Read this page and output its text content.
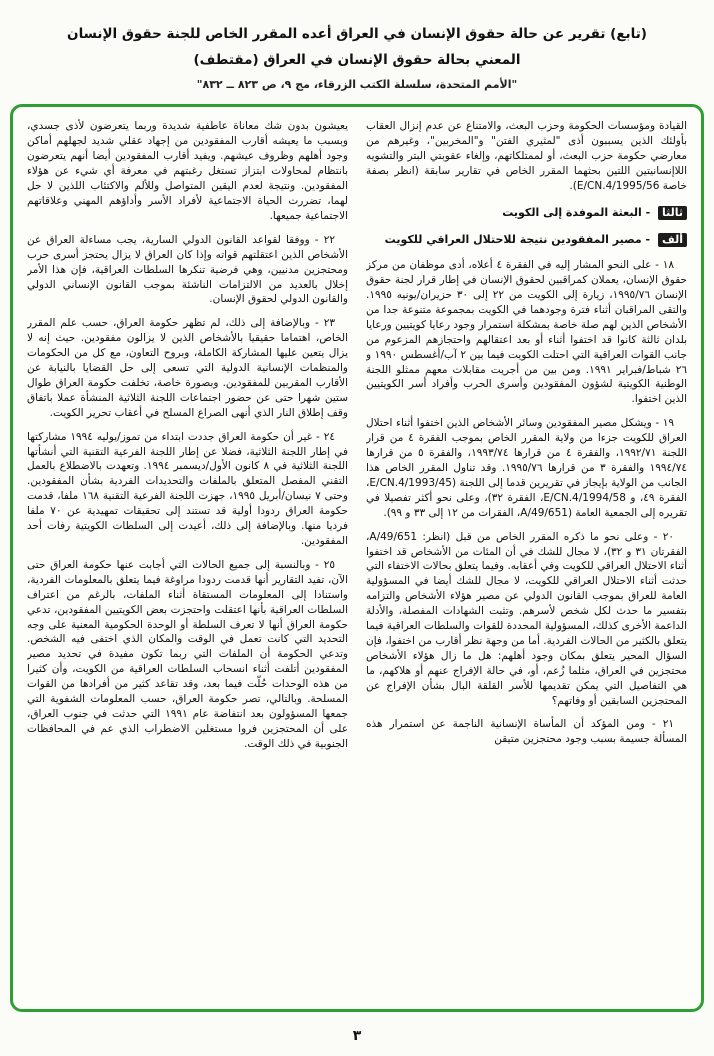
(تابع) تقرير عن حالة حقوق الإنسان في العراق أعده المقرر الخاص للجنة حقوق الإنسان
المعني بحالة حقوق الإنسان في العراق (مقتطف)
"الأمم المتحدة، سلسلة الكتب الزرقاء، مج ٩، ص ٨٢٣ ــ ٨٣٢"

القيادة ومؤسسات الحكومة وحزب البعث، والامتناع عن عدم إنزال العقاب بأولئك الذين يسببون أذى "لمثيري الفتن" و"المخربين"، وغيرهم من معارضي حكومة حزب البعث، أو لممتلكاتهم، وإلغاء عقوبتي البتر والتشويه اللاإنسانيتين اللتين بحثهما المقرر الخاص في تقارير سابقة (انظر بصفة خاصة E/CN.4/1995/56).

ثالثا - البعثة الموفدة إلى الكويت
ألف - مصير المفقودين نتيجة للاحتلال العراقي للكويت

١٨ - على النحو المشار إليه في الفقرة ٤ أعلاه، أدى موظفان من مركز حقوق الإنسان، يعملان كمراقبين لحقوق الإنسان في إطار قرار لجنة حقوق الإنسان ١٩٩٥/٧٦، زيارة إلى الكويت من ٢٢ إلى ٣٠ حزيران/يونيه ١٩٩٥. والتقى المراقبان أثناء فترة وجودهما في الكويت بمجموعة متنوعة جدا من الأشخاص الذين لهم صلة خاصة بمشكلة استمرار وجود رعايا كويتيين ورعايا بلدان ثالثة كانوا قد اختفوا أثناء أو بعد اعتقالهم واحتجازهم المزعوم من جانب القوات العراقية التي احتلت الكويت فيما بين ٢ آب/أغسطس ١٩٩٠ و ٢٦ شباط/فبراير ١٩٩١. ومن بين من أجريت مقابلات معهم ممثلو اللجنة الوطنية الكويتية لشؤون المفقودين وأسرى الحرب وأفراد أسر الكويتيين الذين اختفوا.

١٩ - ويشكل مصير المفقودين وسائر الأشخاص الذين اختفوا أثناء احتلال العراق للكويت جزءا من ولاية المقرر الخاص بموجب الفقرة ٤ من قرار اللجنة ١٩٩٢/٧١، والفقرة ٤ من قرارها ١٩٩٣/٧٤، والفقرة ٥ من قرارها ١٩٩٤/٧٤ والفقرة ٣ من قرارها ١٩٩٥/٧٦. وقد تناول المقرر الخاص هذا الجانب من الولاية بإيجاز في تقريرين قدما إلى اللجنة (E/CN.4/1993/45، الفقرة ٤٩، و E/CN.4/1994/58، الفقرة ٣٢)، وعلى نحو أكثر تفصيلا في تقريره إلى الجمعية العامة (A/49/651، الفقرات من ١٢ إلى ٣٣ و ٩٩).

٢٠ - وعلى نحو ما ذكره المقرر الخاص من قبل (انظر: A/49/651، الفقرتان ٣١ و ٣٢)، لا مجال للشك في أن المئات من الأشخاص قد اختفوا أثناء الاحتلال العراقي للكويت وفي أعقابه. وفيما يتعلق بحالات الاختفاء التي حدثت أثناء الاحتلال العراقي للكويت، لا مجال للشك أيضا في المسؤولية العامة للعراق بموجب القانون الدولي عن مصير هؤلاء الأشخاص والتزامه بتفسير ما حدث لكل شخص لأسرهم. وتثبت الشهادات المفصلة، والأدلة الداعمة الأخرى كذلك، المسؤولية المحددة للقوات والسلطات العراقية فيما يتعلق بالكثير من الحالات الفردية. أما من وجهة نظر أقارب من اختفوا، فإن السؤال المحير يتعلق بمكان وجود أهلهم: هل ما زال هؤلاء الأشخاص محتجزين في العراق، مثلما زُعم، أو، في حالة الإفراج عنهم أو هلاكهم، ما هي التفاصيل التي يمكن تقديمها للأسر القلقة البال بشأن الإفراج عن المحتجزين السابقين أو وفاتهم؟

٢١ - ومن المؤكد أن المأساة الإنسانية الناجمة عن استمرار هذه المسألة جسيمة بسبب وجود محتجزين متيقن

يعيشون بدون شك معاناة عاطفية شديدة وربما يتعرضون لأذى جسدي، وبسبب ما يعيشه أقارب المفقودين من إجهاد عقلي شديد لجهلهم أماكن وجود أهلهم وظروف عيشهم. ويفيد أقارب المفقودين أيضا أنهم يتعرضون بانتظام لمحاولات ابتزاز تستغل رغبتهم في معرفة أي شيء عن هؤلاء المفقودين. ونتيجة لعدم اليقين المتواصل وللألم والاكتئاب اللذين لا حل لهما، تضررت الحياة الاجتماعية لأفراد الأسر وأداؤهم المهني وعلاقاتهم الاجتماعية جميعها.

٢٢ - ووفقا لقواعد القانون الدولي السارية، يجب مساءلة العراق عن الأشخاص الذين اعتقلتهم قواته وإذا كان العراق لا يزال يحتجز أسرى حرب ومحتجزين مدنيين، وهي فرضية تنكرها السلطات العراقية، فإن هذا الأمر إخلال بالعديد من الالتزامات الناشئة بموجب القانون الإنساني الدولي والقانون الدولي لحقوق الإنسان.

٢٣ - وبالإضافة إلى ذلك، لم تظهر حكومة العراق، حسب علم المقرر الخاص، اهتماما حقيقيا بالأشخاص الذين لا يزالون مفقودين. حيث إنه لا يزال يتعين عليها المشاركة الكاملة، وبروح التعاون، مع كل من الحكومات والمنظمات الإنسانية الدولية التي تسعى إلى حل القضايا بالنيابة عن الأقارب المقربين للمفقودين. وبصورة خاصة، تخلفت حكومة العراق طوال ستين شهرا حتى عن حضور اجتماعات اللجنة الثلاثية المنشأة عملا باتفاق وقف إطلاق النار الذي أنهى الصراع المسلح في أعقاب تحرير الكويت.

٢٤ - غير أن حكومة العراق جددت ابتداء من تموز/يوليه ١٩٩٤ مشاركتها في إطار اللجنة الثلاثية، فضلا عن إطار اللجنة الفرعية التقنية التي أنشأتها اللجنة الثلاثية في ٨ كانون الأول/ديسمبر ١٩٩٤. وتعهدت بالاضطلاع بالعمل التقني المفصل المتعلق بالملفات والتحديدات الفردية بشأن المفقودين. وحتى ٧ نيسان/أبريل ١٩٩٥، جهزت اللجنة الفرعية التقنية ١٦٨ ملفا، قدمت حكومة العراق ردودا أولية قد تستند إلى تحقيقات تمهيدية عن ٧٠ ملفا فرديا منها. وبالإضافة إلى ذلك، أعيدت إلى السلطات الكويتية رفات أحد المفقودين.

٢٥ - وبالنسبة إلى جميع الحالات التي أجابت عنها حكومة العراق حتى الآن، تفيد التقارير أنها قدمت ردودا مراوغة فيما يتعلق بالمعلومات الفردية، واستنادا إلى المعلومات المستقاة أثناء الملفات، بالرغم من اعتراف السلطات العراقية بأنها اعتقلت واحتجزت بعض الكويتيين المفقودين، تدعي حكومة العراق أنها لا تعرف السلطة أو الوحدة الحكومية المعنية على وجه التحديد التي كانت تعمل في الوقت والمكان الذي اختفى فيه الشخص. وتدعي الحكومة أن الملفات التي ربما تكون مفيدة في تحديد مصير المفقودين أتلفت أثناء انسحاب السلطات العراقية من الكويت، وأن كثيرا من هذه الوحدات حُلّت فيما بعد، وقد تقاعد كثير من أفرادها من القوات المسلحة. وبالتالي، تصر حكومة العراق، حسب المعلومات الشفوية التي جمعها المسؤولون بعد انتفاضة عام ١٩٩١ التي حدثت في جنوب العراق، على أن المحتجزين فروا مستغلين الاضطراب الذي عم في المحافظات الجنوبية في ذلك الوقت.

٣
